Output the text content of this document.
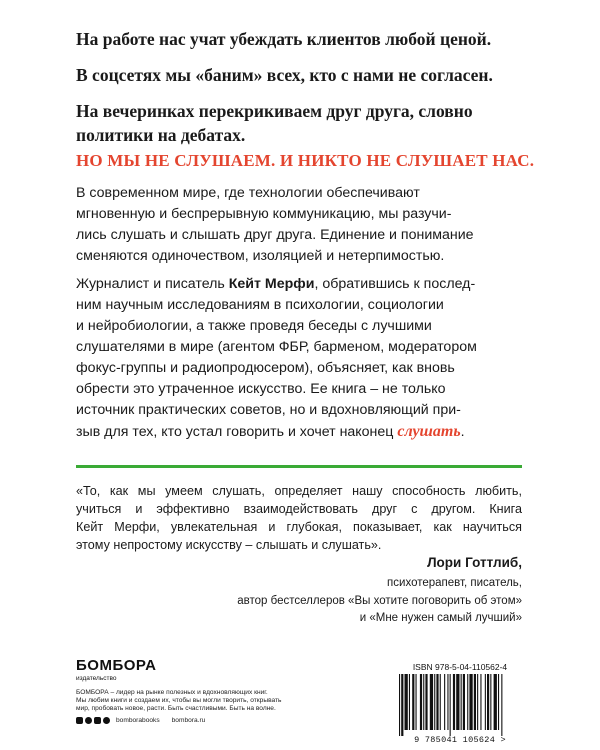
На работе нас учат убеждать клиентов любой ценой.

В соцсетях мы «баним» всех, кто с нами не согласен.

На вечеринках перекрикиваем друг друга, словно
политики на дебатах.

НО МЫ НЕ СЛУШАЕМ. И НИКТО НЕ СЛУШАЕТ НАС.

В современном мире, где технологии обеспечивают
мгновенную и беспрерывную коммуникацию, мы разучи-
лись слушать и слышать друг друга. Единение и понимание
сменяются одиночеством, изоляцией и нетерпимостью.

Журналист и писатель Кейт Мерфи, обратившись к послед-
ним научным исследованиям в психологии, социологии
и нейробиологии, а также проведя беседы с лучшими
слушателями в мире (агентом ФБР, барменом, модератором
фокус-группы и радиопродюсером), объясняет, как вновь
обрести это утраченное искусство. Ее книга – не только
источник практических советов, но и вдохновляющий при-
зыв для тех, кто устал говорить и хочет наконец слушать.

«То, как мы умеем слушать, определяет нашу способность любить,
учиться и эффективно взаимодействовать друг с другом. Книга
Кейт Мерфи, увлекательная и глубокая, показывает, как научиться
этому непростому искусству – слышать и слушать».

Лори Готтлиб,

психотерапевт, писатель,

автор бестселлеров «Вы хотите поговорить об этом»

и «Мне нужен самый лучший»

БОМБОРА
издательство
БОМБОРА – лидер на рынке полезных и вдохновляющих книг.
Мы любим книги и создаем их, чтобы вы могли творить, открывать
мир, пробовать новое, расти. Быть счастливыми. Быть на волне.
bomborabooks bombora.ru
ISBN 978-5-04-110562-4
9 785041 105624 >
